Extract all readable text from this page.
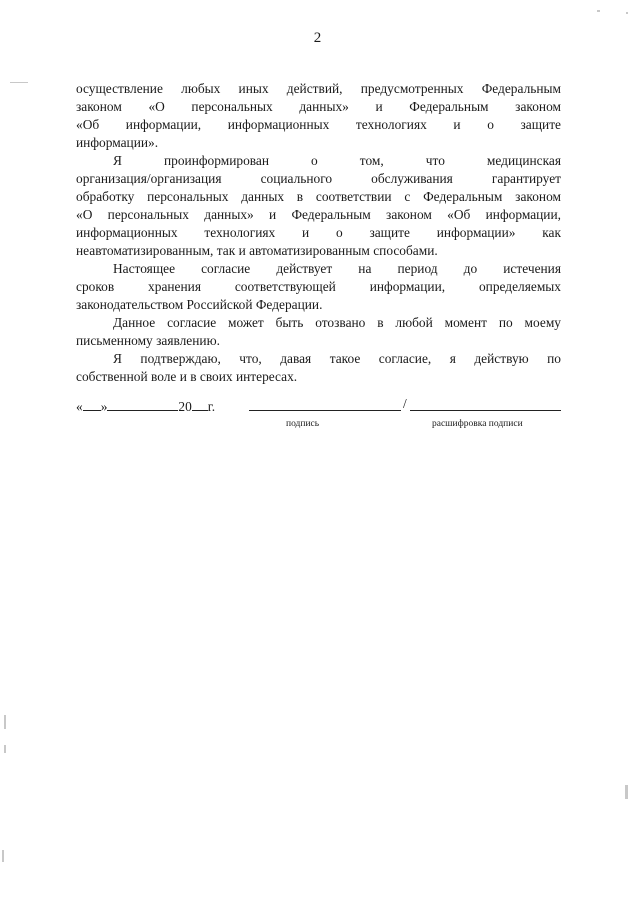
2

осуществление любых иных действий, предусмотренных Федеральным
законом «О персональных данных» и Федеральным законом
«Об информации, информационных технологиях и о защите
информации».

Я проинформирован о том, что медицинская
организация/организация социального обслуживания гарантирует
обработку персональных данных в соответствии с Федеральным законом
«О персональных данных» и Федеральным законом «Об информации,
информационных технологиях и о защите информации» как
неавтоматизированным, так и автоматизированным способами.

Настоящее согласие действует на период до истечения
сроков хранения соответствующей информации, определяемых
законодательством Российской Федерации.

Данное согласие может быть отозвано в любой момент по моему
письменному заявлению.

Я подтверждаю, что, давая такое согласие, я действую по
собственной воле и в своих интересах.

« »	20 г.	/
подпись	расшифровка подписи
